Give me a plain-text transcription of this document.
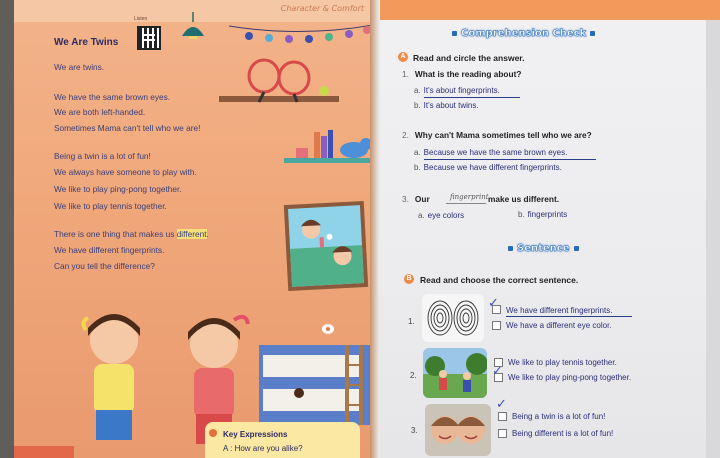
Character & Comfort
Listen
We Are Twins
We are twins.
We have the same brown eyes.
We are both left-handed.
Sometimes Mama can't tell who we are!
Being a twin is a lot of fun!
We always have someone to play with.
We like to play ping-pong together.
We like to play tennis together.
There is one thing that makes us different.
We have different fingerprints.
Can you tell the difference?
Key Expressions
A : How are you alike?
Comprehension Check
A Read and circle the answer.
1. What is the reading about?
a. It's about fingerprints.
b. It's about twins.
2. Why can't Mama sometimes tell who we are?
a. Because we have the same brown eyes.
b. Because we have different fingerprints.
3. Our	fingerprint make us different.
a. eye colors	b. fingerprints
Sentence
B Read and choose the correct sentence.
1.
✓ We have different fingerprints.
We have a different eye color.
2.
We like to play tennis together.
✓ We like to play ping-pong together.
3.
✓
Being a twin is a lot of fun!
Being different is a lot of fun!
